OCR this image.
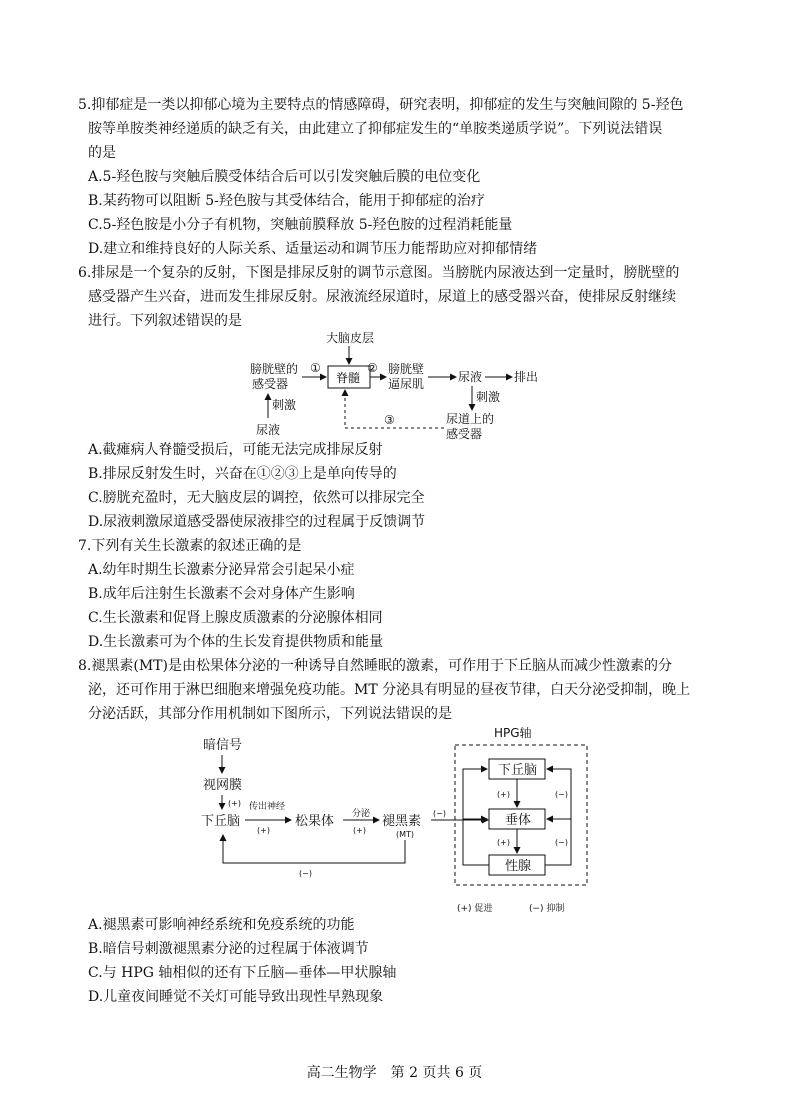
5.抑郁症是一类以抑郁心境为主要特点的情感障碍，研究表明，抑郁症的发生与突触间隙的 5-羟色
胺等单胺类神经递质的缺乏有关，由此建立了抑郁症发生的“单胺类递质学说”。下列说法错误
的是
A.5-羟色胺与突触后膜受体结合后可以引发突触后膜的电位变化
B.某药物可以阻断 5-羟色胺与其受体结合，能用于抑郁症的治疗
C.5-羟色胺是小分子有机物，突触前膜释放 5-羟色胺的过程消耗能量
D.建立和维持良好的人际关系、适量运动和调节压力能帮助应对抑郁情绪
6.排尿是一个复杂的反射，下图是排尿反射的调节示意图。当膀胱内尿液达到一定量时，膀胱壁的
感受器产生兴奋，进而发生排尿反射。尿液流经尿道时，尿道上的感受器兴奋，使排尿反射继续
进行。下列叙述错误的是
大脑皮层
膀胱壁的
感受器
①
脊髓
② 膀胱壁
逼尿肌	尿液	排出
刺激
尿道上的
感受器
刺激
尿液
③
A.截瘫病人脊髓受损后，可能无法完成排尿反射
B.排尿反射发生时，兴奋在①②③上是单向传导的
C.膀胱充盈时，无大脑皮层的调控，依然可以排尿完全
D.尿液刺激尿道感受器使尿液排空的过程属于反馈调节
7.下列有关生长激素的叙述正确的是
A.幼年时期生长激素分泌异常会引起呆小症
B.成年后注射生长激素不会对身体产生影响
C.生长激素和促肾上腺皮质激素的分泌腺体相同
D.生长激素可为个体的生长发育提供物质和能量
8.褪黑素(MT)是由松果体分泌的一种诱导自然睡眠的激素，可作用于下丘脑从而减少性激素的分
泌，还可作用于淋巴细胞来增强免疫功能。MT 分泌具有明显的昼夜节律，白天分泌受抑制，晚上
分泌活跃，其部分作用机制如下图所示，下列说法错误的是
暗信号
视网膜
(+)
下丘脑
传出神经
(+)
松果体 分泌
(+)
褪黑素
(MT)
(−)
(−)
HPG轴
下丘脑
垂体
性腺
(+)
(+)
(−)
(−)
(+) 促进	(−) 抑制
A.褪黑素可影响神经系统和免疫系统的功能
B.暗信号刺激褪黑素分泌的过程属于体液调节
C.与 HPG 轴相似的还有下丘脑—垂体—甲状腺轴
D.儿童夜间睡觉不关灯可能导致出现性早熟现象
高二生物学　第 2 页共 6 页
